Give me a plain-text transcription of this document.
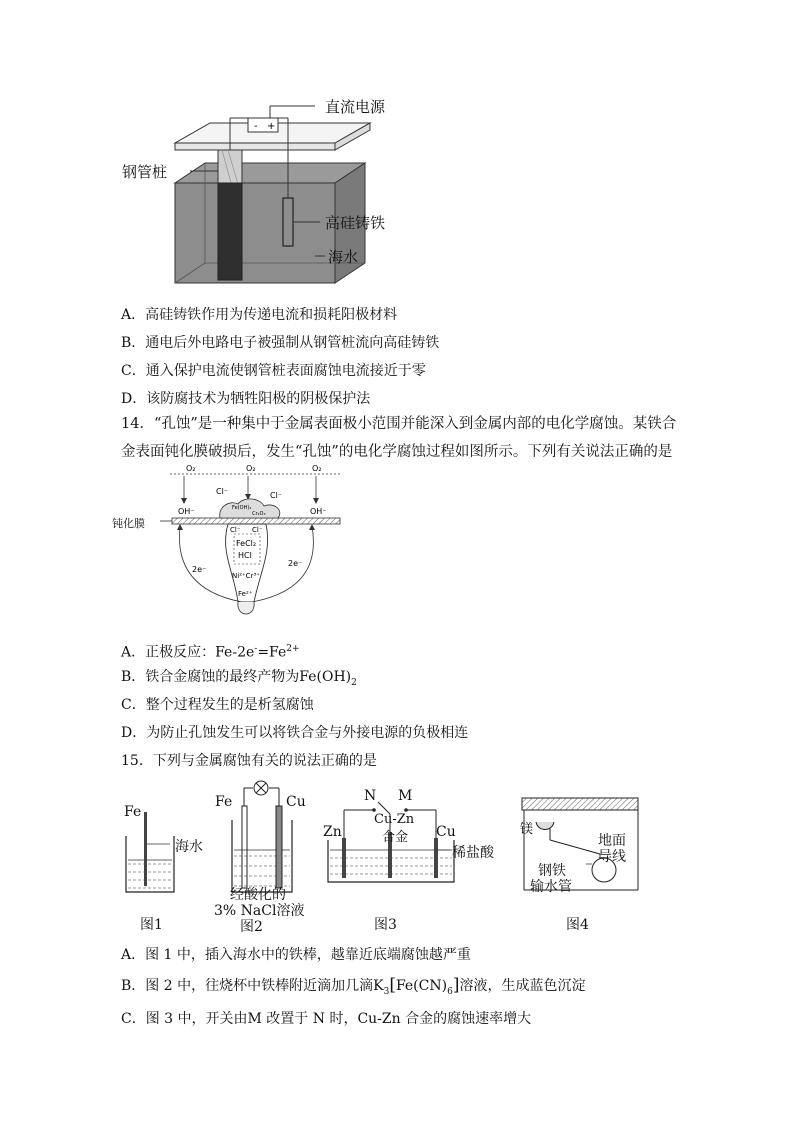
- +
直流电源
钢管桩
高硅铸铁
海水
A．高硅铸铁作用为传递电流和损耗阳极材料
B．通电后外电路电子被强制从钢管桩流向高硅铸铁
C．通入保护电流使钢管桩表面腐蚀电流接近于零
D．该防腐技术为牺牲阳极的阴极保护法
14．“孔蚀”是一种集中于金属表面极小范围并能深入到金属内部的电化学腐蚀。某铁合金表面钝化膜破损后，发生“孔蚀”的电化学腐蚀过程如图所示。下列有关说法正确的是
O₂	O₂	O₂
OH⁻	OH⁻
Cl⁻	Cl⁻
Fe(OH)₃
Cr₂O₃
Cl⁻ Cl⁻
FeCl₂
HCl
Ni²⁺Cr³⁺
Fe²⁺
2e⁻
2e⁻
钝化膜
A．正极反应：$Fe-2e^-=Fe^{2+}$
B．铁合金腐蚀的最终产物为$Fe(OH)_2$
C．整个过程发生的是析氢腐蚀
D．为防止孔蚀发生可以将铁合金与外接电源的负极相连
15．下列与金属腐蚀有关的说法正确的是
Fe
海水
图1
Fe	Cu
经酸化的
3% NaCl溶液
图2
N M
Zn
Cu-Zn
合金 Cu
稀盐酸
图3
镁
地面
导线
钢铁
输水管
图4
A．图 1 中，插入海水中的铁棒，越靠近底端腐蚀越严重
B．图 2 中，往烧杯中铁棒附近滴加几滴$K_3[Fe(CN)_6]$溶液，生成蓝色沉淀
C．图 3 中，开关由M 改置于 N 时，Cu-Zn 合金的腐蚀速率增大
